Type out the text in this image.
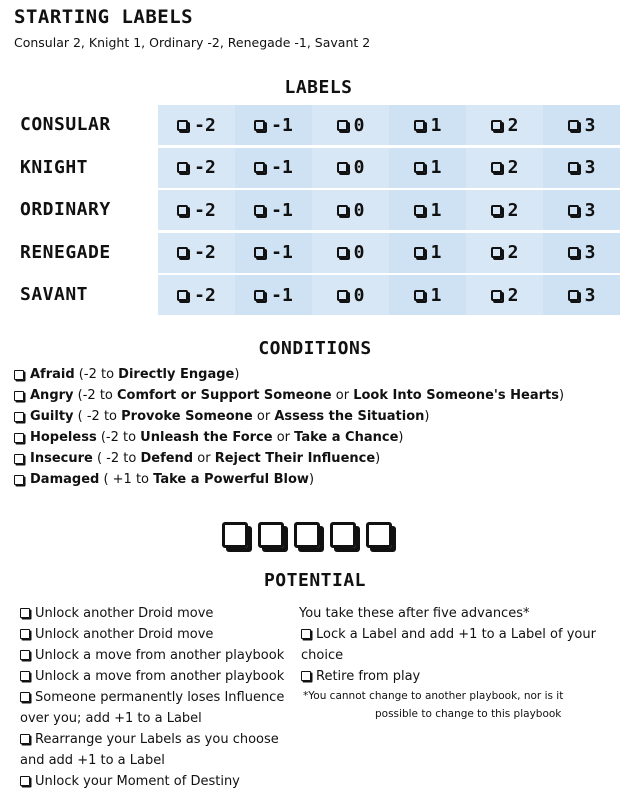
STARTING LABELS
Consular 2, Knight 1, Ordinary -2, Renegade -1, Savant 2
LABELS
CONSULAR	-2	-1	0	1	2	3
KNIGHT	-2	-1	0	1	2	3
ORDINARY	-2	-1	0	1	2	3
RENEGADE	-2	-1	0	1	2	3
SAVANT	-2	-1	0	1	2	3
CONDITIONS
Afraid (-2 to Directly Engage)
Angry (-2 to Comfort or Support Someone or Look Into Someone's Hearts)
Guilty ( -2 to Provoke Someone or Assess the Situation)
Hopeless (-2 to Unleash the Force or Take a Chance)
Insecure ( -2 to Defend or Reject Their Influence)
Damaged ( +1 to Take a Powerful Blow)
POTENTIAL
Unlock another Droid move
Unlock another Droid move
Unlock a move from another playbook
Unlock a move from another playbook
Someone permanently loses Influence over you; add +1 to a Label
Rearrange your Labels as you choose and add +1 to a Label
Unlock your Moment of Destiny
You take these after five advances*
Lock a Label and add +1 to a Label of your choice
Retire from play
*You cannot change to another playbook, nor is it
possible to change to this playbook
